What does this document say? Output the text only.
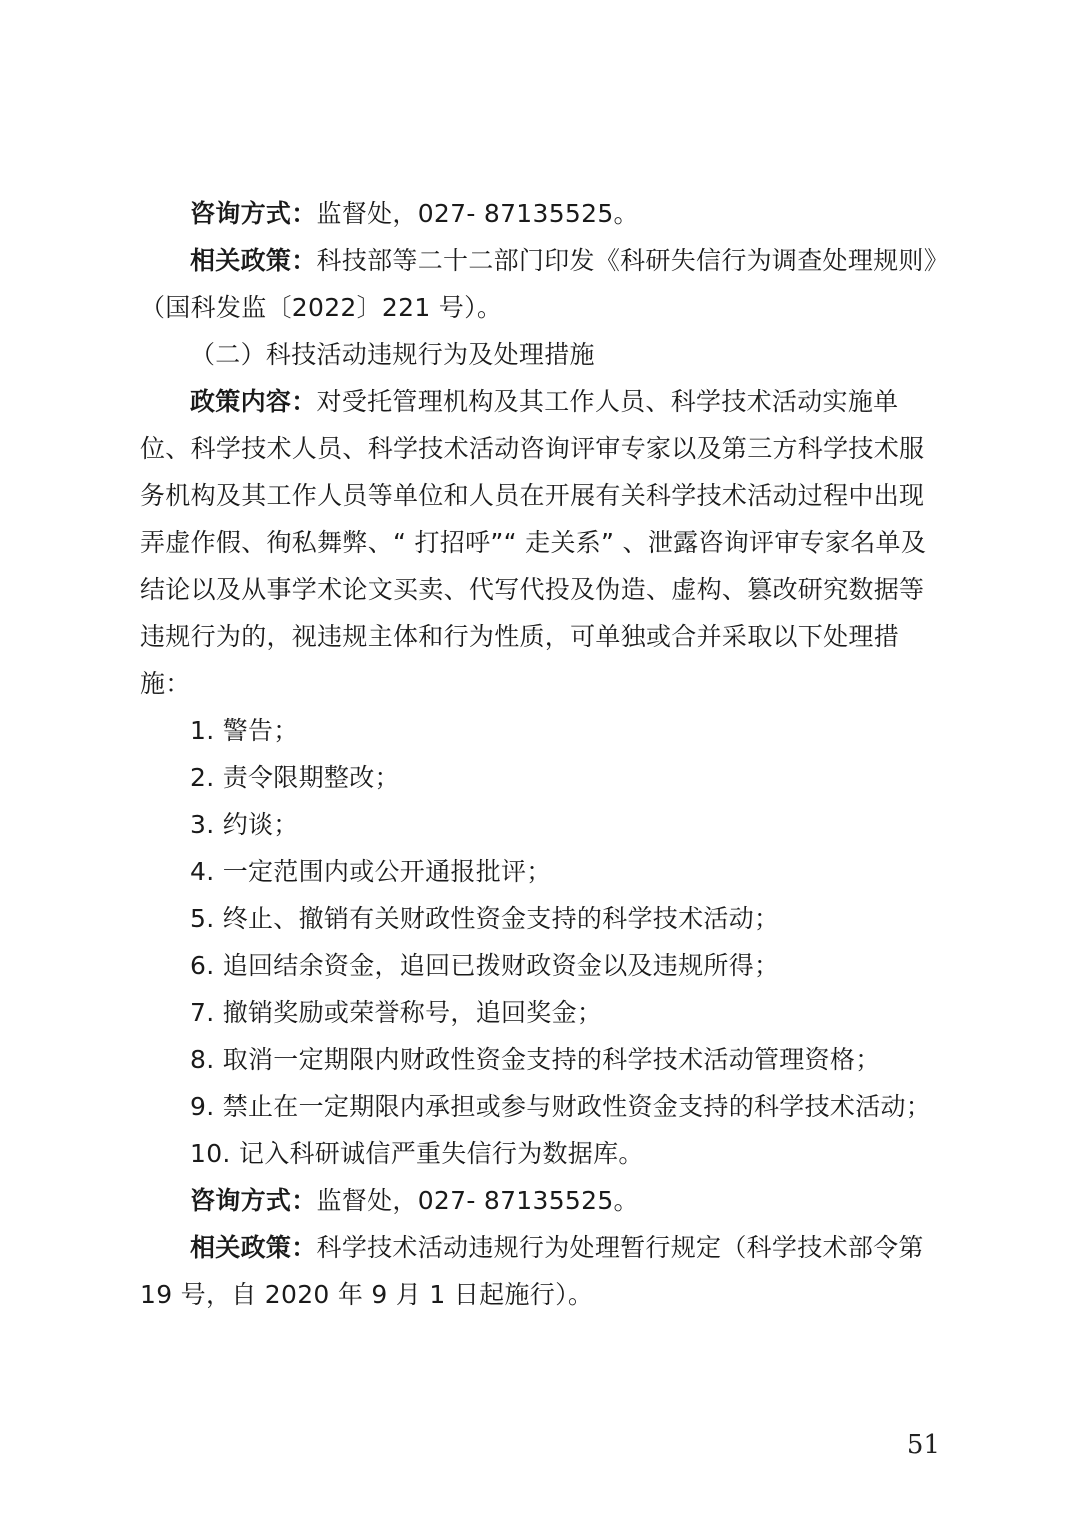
咨询方式：监督处，027- 87135525。

相关政策：科技部等二十二部门印发《科研失信行为调查处理规则》（国科发监〔2022〕221 号）。

（二）科技活动违规行为及处理措施

政策内容：对受托管理机构及其工作人员、科学技术活动实施单位、科学技术人员、科学技术活动咨询评审专家以及第三方科学技术服务机构及其工作人员等单位和人员在开展有关科学技术活动过程中出现弄虚作假、徇私舞弊、“ 打招呼”“ 走关系” 、泄露咨询评审专家名单及结论以及从事学术论文买卖、代写代投及伪造、虚构、篡改研究数据等违规行为的，视违规主体和行为性质，可单独或合并采取以下处理措施：

1. 警告；

2. 责令限期整改；

3. 约谈；

4. 一定范围内或公开通报批评；

5. 终止、撤销有关财政性资金支持的科学技术活动；

6. 追回结余资金，追回已拨财政资金以及违规所得；

7. 撤销奖励或荣誉称号，追回奖金；

8. 取消一定期限内财政性资金支持的科学技术活动管理资格；

9. 禁止在一定期限内承担或参与财政性资金支持的科学技术活动；

10. 记入科研诚信严重失信行为数据库。

咨询方式：监督处，027- 87135525。

相关政策：科学技术活动违规行为处理暂行规定（科学技术部令第 19 号，自 2020 年 9 月 1 日起施行）。

51
